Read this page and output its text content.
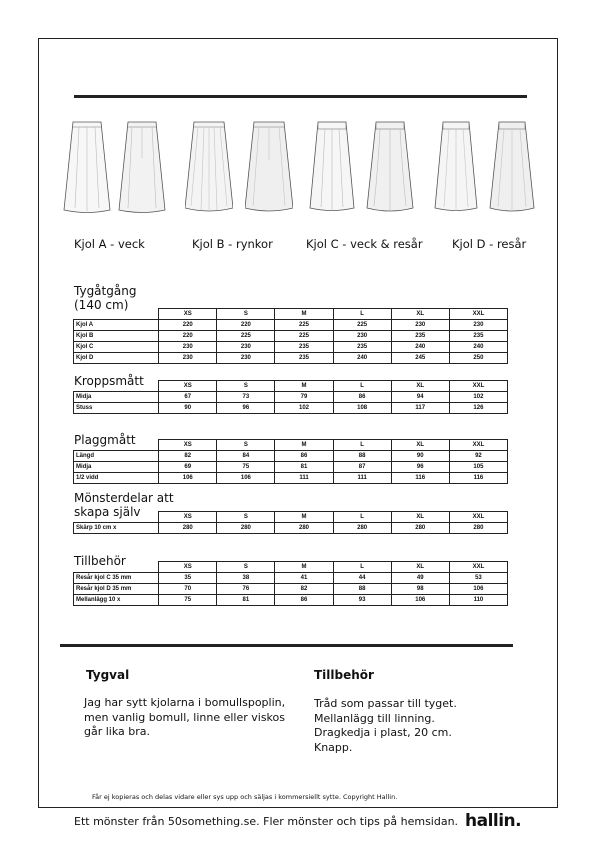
Kjol A - veck	Kjol B - rynkor	Kjol C - veck & resår	Kjol D - resår
Tygåtgång
(140 cm)
	XS	S	M	L	XL	XXL
Kjol A	220	220	225	225	230	230
Kjol B	220	225	225	230	235	235
Kjol C	230	230	235	235	240	240
Kjol D	230	230	235	240	245	250
Kroppsmått
		XS	S	M	L	XL	XXL
Midja	67	73	79	86	94	102
Stuss	90	96	102	108	117	126
Plaggmått
		XS	S	M	L	XL	XXL
Längd	82	84	86	88	90	92
Midja	69	75	81	87	96	105
1/2 vidd	106	106	111	111	116	116
Mönsterdelar att
skapa själv
		XS	S	M	L	XL	XXL
Skärp 10 cm x	280	280	280	280	280	280
Tillbehör
		XS	S	M	L	XL	XXL
Resår kjol C 35 mm	35	38	41	44	49	53
Resår kjol D 35 mm	70	76	82	88	98	106
Mellanlägg 10 x	75	81	86	93	106	110
Tygval
Jag har sytt kjolarna i bomullspoplin,
men vanlig bomull, linne eller viskos
går lika bra.
Tillbehör
Tråd som passar till tyget.
Mellanlägg till linning.
Dragkedja i plast, 20 cm.
Knapp.
Får ej kopieras och delas vidare eller sys upp och säljas i kommersiellt sytte. Copyright Hallin.
Ett mönster från 50something.se. Fler mönster och tips på hemsidan. hallin.
